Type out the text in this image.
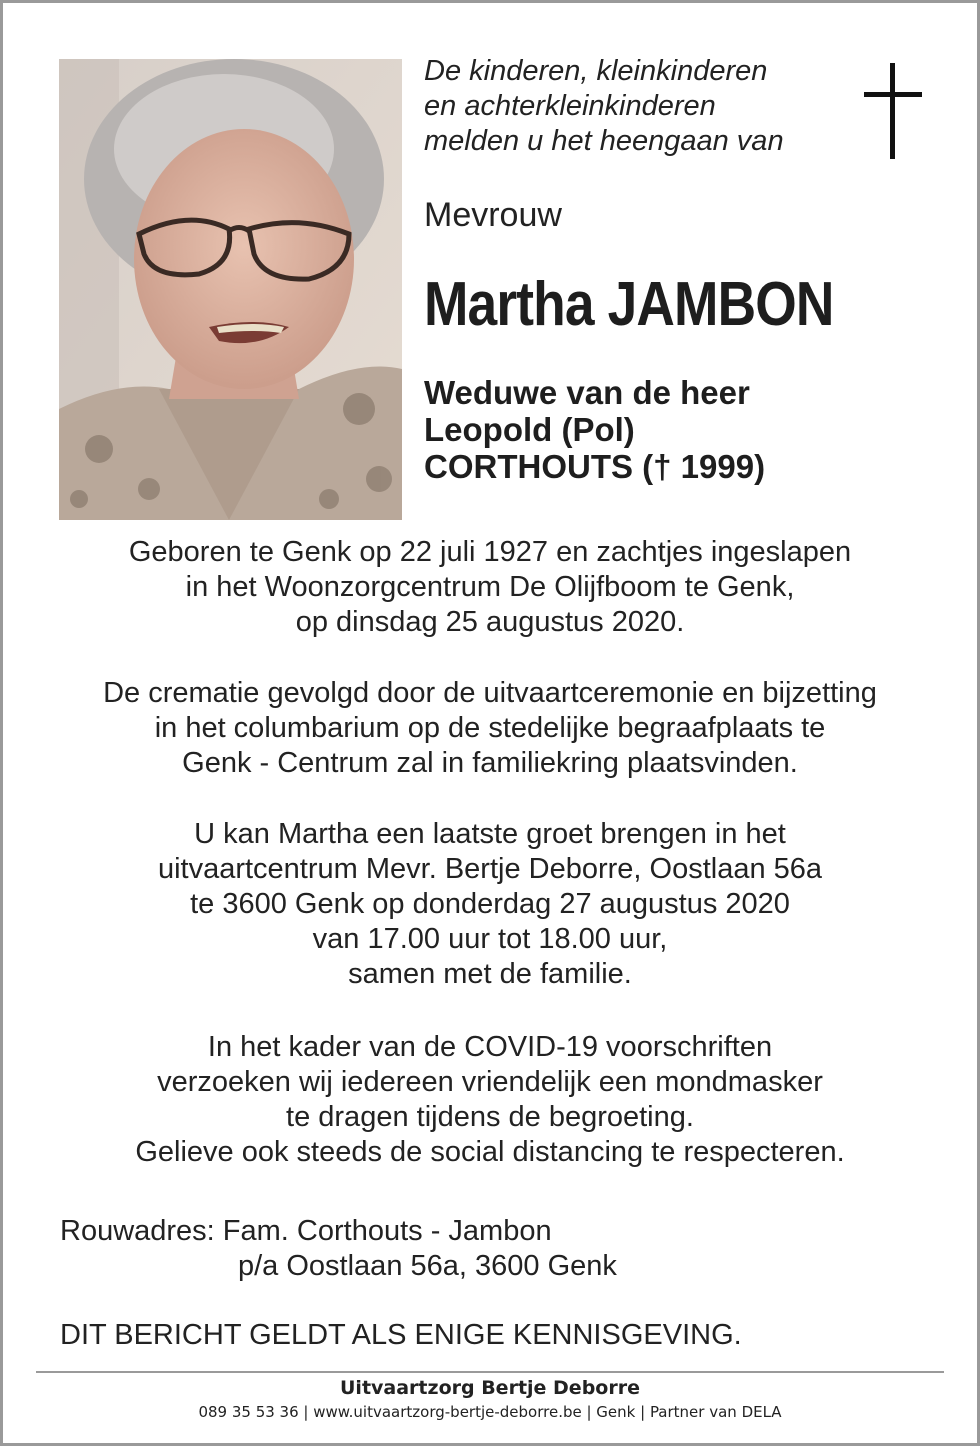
De kinderen, kleinkinderen
en achterkleinkinderen
melden u het heengaan van
Mevrouw
Martha JAMBON
Weduwe van de heer
Leopold (Pol)
CORTHOUTS († 1999)
Geboren te Genk op 22 juli 1927 en zachtjes ingeslapen
in het Woonzorgcentrum De Olijfboom te Genk,
op dinsdag 25 augustus 2020.
De crematie gevolgd door de uitvaartceremonie en bijzetting
in het columbarium op de stedelijke begraafplaats te
Genk - Centrum zal in familiekring plaatsvinden.
U kan Martha een laatste groet brengen in het
uitvaartcentrum Mevr. Bertje Deborre, Oostlaan 56a
te 3600 Genk op donderdag 27 augustus 2020
van 17.00 uur tot 18.00 uur,
samen met de familie.
In het kader van de COVID-19 voorschriften
verzoeken wij iedereen vriendelijk een mondmasker
te dragen tijdens de begroeting.
Gelieve ook steeds de social distancing te respecteren.
Rouwadres: Fam. Corthouts - Jambon
p/a Oostlaan 56a, 3600 Genk
DIT BERICHT GELDT ALS ENIGE KENNISGEVING.
Uitvaartzorg Bertje Deborre
089 35 53 36 | www.uitvaartzorg-bertje-deborre.be | Genk | Partner van DELA
